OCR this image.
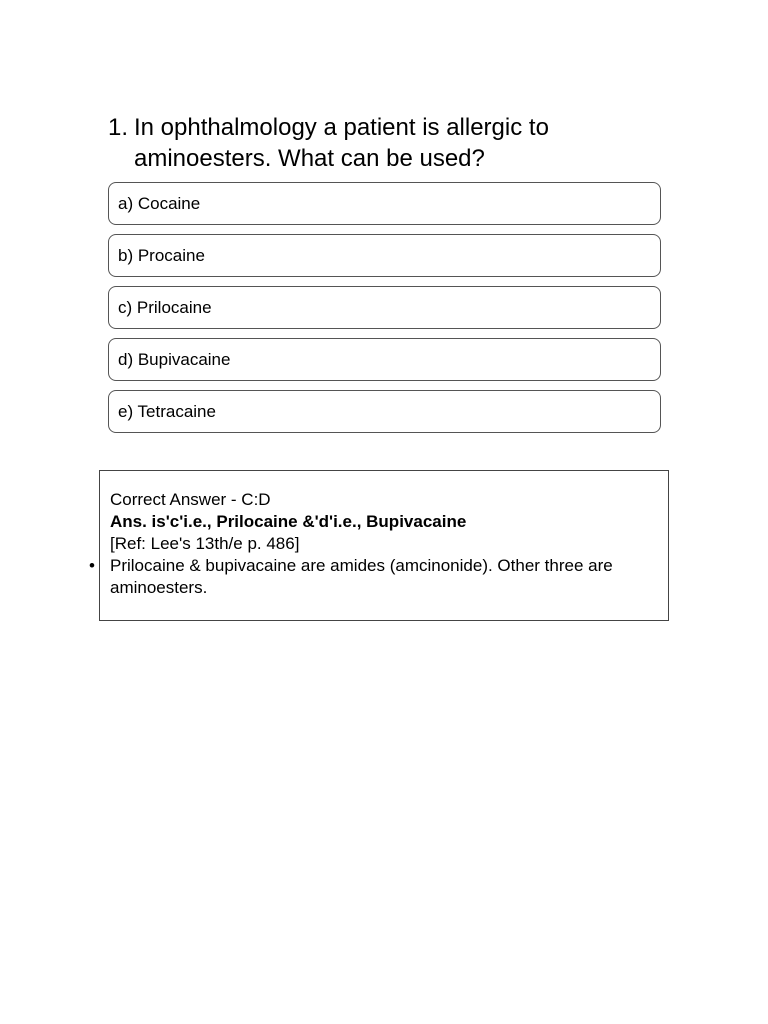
1. In ophthalmology a patient is allergic to aminoesters. What can be used?
a) Cocaine
b) Procaine
c) Prilocaine
d) Bupivacaine
e) Tetracaine
Correct Answer - C:D
Ans. is'c'i.e., Prilocaine &'d'i.e., Bupivacaine
[Ref: Lee's 13th/e p. 486]
• Prilocaine & bupivacaine are amides (amcinonide). Other three are aminoesters.
